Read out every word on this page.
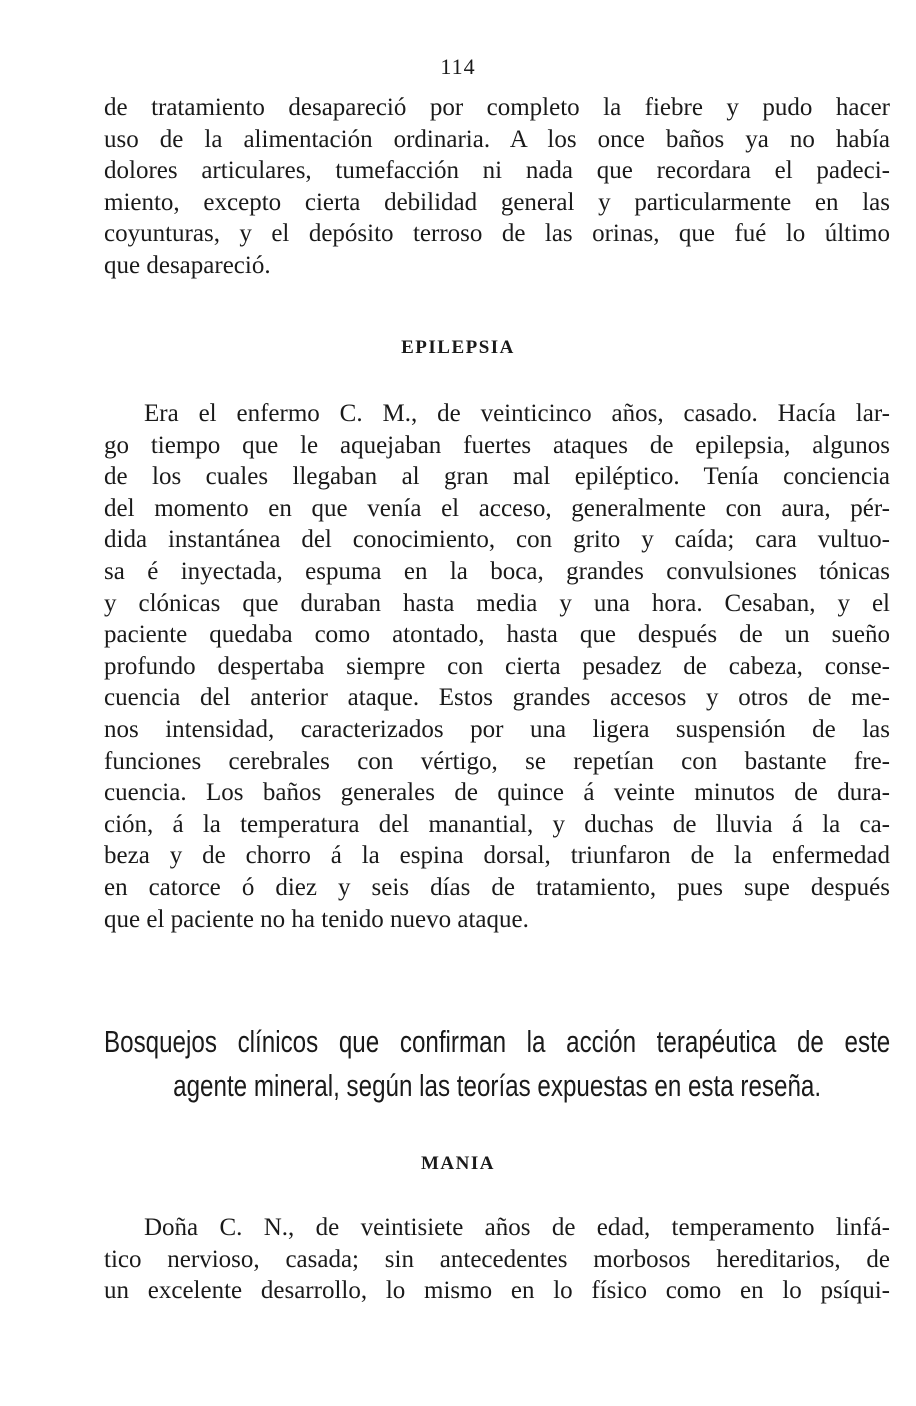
114
de tratamiento desapareció por completo la fiebre y pudo hacer
uso de la alimentación ordinaria. A los once baños ya no había
dolores articulares, tumefacción ni nada que recordara el padeci-
miento, excepto cierta debilidad general y particularmente en las
coyunturas, y el depósito terroso de las orinas, que fué lo último
que desapareció.
EPILEPSIA
Era el enfermo C. M., de veinticinco años, casado. Hacía lar-
go tiempo que le aquejaban fuertes ataques de epilepsia, algunos
de los cuales llegaban al gran mal epiléptico. Tenía conciencia
del momento en que venía el acceso, generalmente con aura, pér-
dida instantánea del conocimiento, con grito y caída; cara vultuo-
sa é inyectada, espuma en la boca, grandes convulsiones tónicas
y clónicas que duraban hasta media y una hora. Cesaban, y el
paciente quedaba como atontado, hasta que después de un sueño
profundo despertaba siempre con cierta pesadez de cabeza, conse-
cuencia del anterior ataque. Estos grandes accesos y otros de me-
nos intensidad, caracterizados por una ligera suspensión de las
funciones cerebrales con vértigo, se repetían con bastante fre-
cuencia. Los baños generales de quince á veinte minutos de dura-
ción, á la temperatura del manantial, y duchas de lluvia á la ca-
beza y de chorro á la espina dorsal, triunfaron de la enfermedad
en catorce ó diez y seis días de tratamiento, pues supe después
que el paciente no ha tenido nuevo ataque.
Bosquejos clínicos que confirman la acción terapéutica de este
agente mineral, según las teorías expuestas en esta reseña.
MANIA
Doña C. N., de veintisiete años de edad, temperamento linfá-
tico nervioso, casada; sin antecedentes morbosos hereditarios, de
un excelente desarrollo, lo mismo en lo físico como en lo psíqui-
